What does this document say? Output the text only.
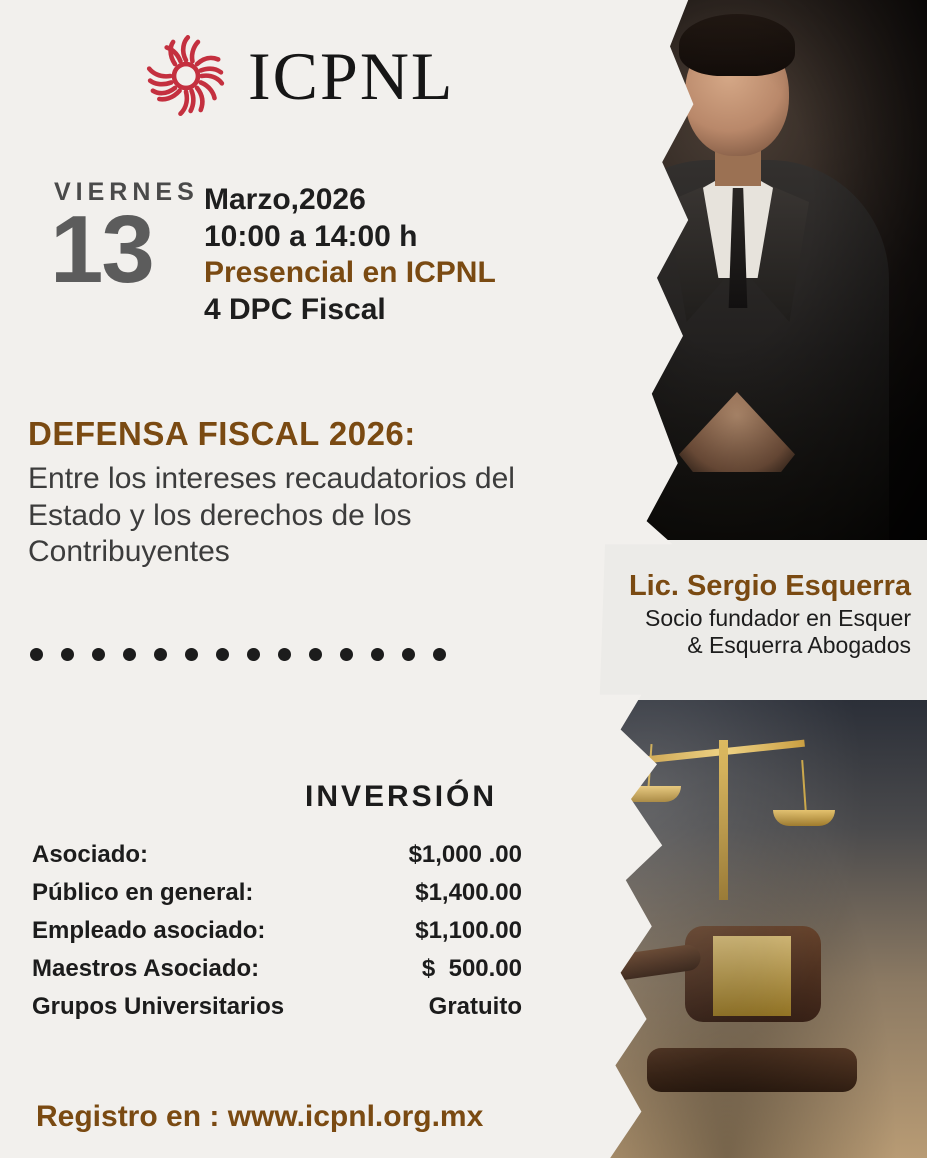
ICPNL
VIERNES
13	Marzo,2026
10:00 a 14:00 h
Presencial en ICPNL
4 DPC Fiscal
DEFENSA FISCAL 2026:
Entre los intereses recaudatorios del Estado y los derechos de los Contribuyentes
Lic. Sergio Esquerra
Socio fundador en Esquer
& Esquerra Abogados
INVERSIÓN
Asociado:	$1,000 .00
Público en general:	$1,400.00
Empleado asociado:	$1,100.00
Maestros Asociado:	$  500.00
Grupos Universitarios	Gratuito
Registro en : www.icpnl.org.mx
